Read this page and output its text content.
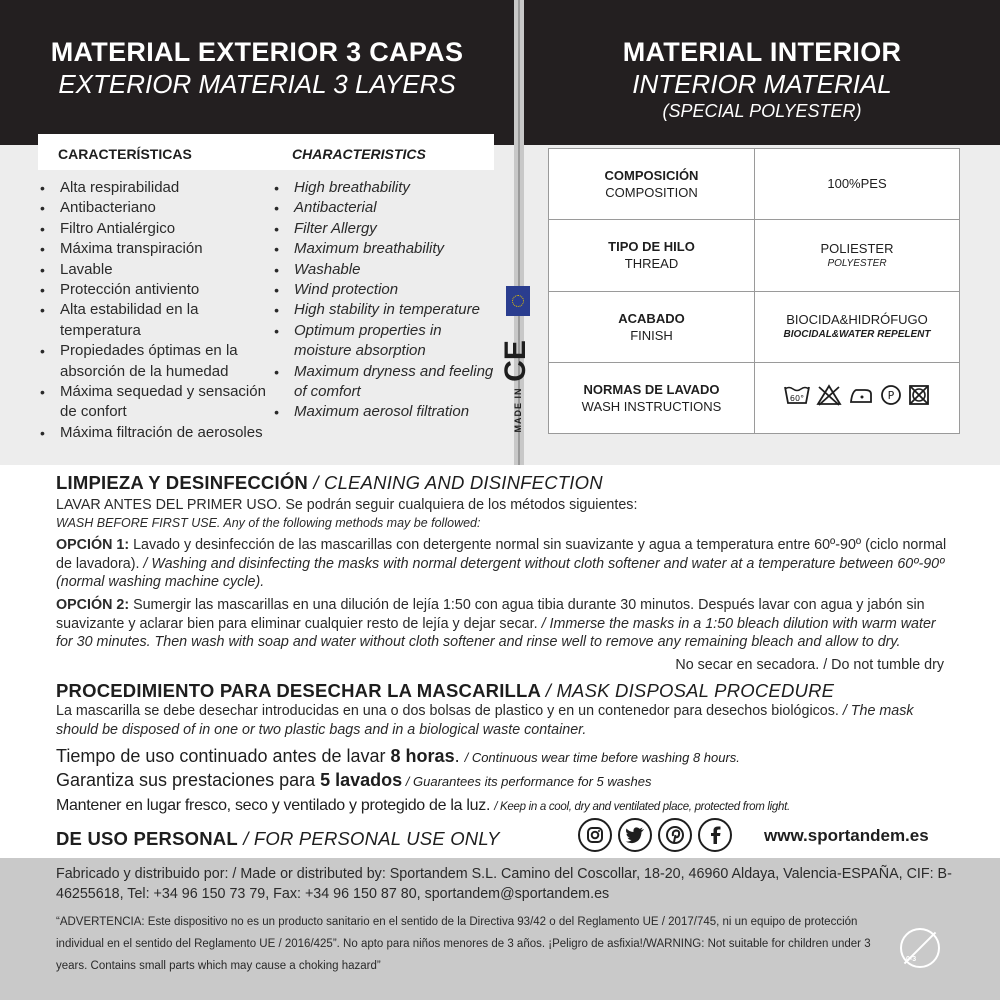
MATERIAL EXTERIOR 3 CAPAS
EXTERIOR MATERIAL 3 LAYERS
MATERIAL INTERIOR
INTERIOR MATERIAL
(SPECIAL POLYESTER)
CARACTERÍSTICAS	CHARACTERISTICS
• Alta respirabilidad
• Antibacteriano
• Filtro Antialérgico
• Máxima transpiración
• Lavable
• Protección antiviento
• Alta estabilidad en la temperatura
• Propiedades óptimas en la absorción de la humedad
• Máxima sequedad y sensación de confort
• Máxima filtración de aerosoles
• High breathability
• Antibacterial
• Filter Allergy
• Maximum breathability
• Washable
• Wind protection
• High stability in temperature
• Optimum properties in moisture absorption
• Maximum dryness and feeling of comfort
• Maximum aerosol filtration
CE
MADE IN
COMPOSICIÓN
COMPOSITION	100%PES

TIPO DE HILO
THREAD	POLIESTER
POLYESTER

ACABADO
FINISH	BIOCIDA&HIDRÓFUGO
BIOCIDAL&WATER REPELENT

NORMAS DE LAVADO
WASH INSTRUCTIONS	60° P
LIMPIEZA Y DESINFECCIÓN / CLEANING AND DISINFECTION
LAVAR ANTES DEL PRIMER USO. Se podrán seguir cualquiera de los métodos siguientes:
WASH BEFORE FIRST USE. Any of the following methods may be followed:
OPCIÓN 1: Lavado y desinfección de las mascarillas con detergente normal sin suavizante y agua a temperatura entre 60º-90º (ciclo normal de lavadora). / Washing and disinfecting the masks with normal detergent without cloth softener and water at a temperature between 60º-90º (normal washing machine cycle).
OPCIÓN 2: Sumergir las mascarillas en una dilución de lejía 1:50 con agua tibia durante 30 minutos. Después lavar con agua y jabón sin suavizante y aclarar bien para eliminar cualquier resto de lejía y dejar secar. / Immerse the masks in a 1:50 bleach dilution with warm water for 30 minutes. Then wash with soap and water without cloth softener and rinse well to remove any remaining bleach and allow to dry.
No secar en secadora. / Do not tumble dry
PROCEDIMIENTO PARA DESECHAR LA MASCARILLA / MASK DISPOSAL PROCEDURE
La mascarilla se debe desechar introducidas en una o dos bolsas de plastico y en un contenedor para desechos biológicos. / The mask should be disposed of in one or two plastic bags and in a biological waste container.
Tiempo de uso continuado antes de lavar 8 horas. / Continuous wear time before washing 8 hours.
Garantiza sus prestaciones para 5 lavados / Guarantees its performance for 5 washes
Mantener en lugar fresco, seco y ventilado y protegido de la luz. / Keep in a cool, dry and ventilated place, protected from light.
DE USO PERSONAL / FOR PERSONAL USE ONLY	www.sportandem.es
Fabricado y distribuido por: / Made or distributed by: Sportandem S.L. Camino del Coscollar, 18-20, 46960 Aldaya, Valencia-ESPAÑA, CIF: B-46255618, Tel: +34 96 150 73 79, Fax: +34 96 150 87 80, sportandem@sportandem.es
“ADVERTENCIA: Este dispositivo no es un producto sanitario en el sentido de la Directiva 93/42 o del Reglamento UE / 2017/745, ni un equipo de protección individual en el sentido del Reglamento UE / 2016/425”. No apto para niños menores de 3 años. ¡Peligro de asfixia!/WARNING: Not suitable for children under 3 years. Contains small parts which may cause a choking hazard”
0-3
